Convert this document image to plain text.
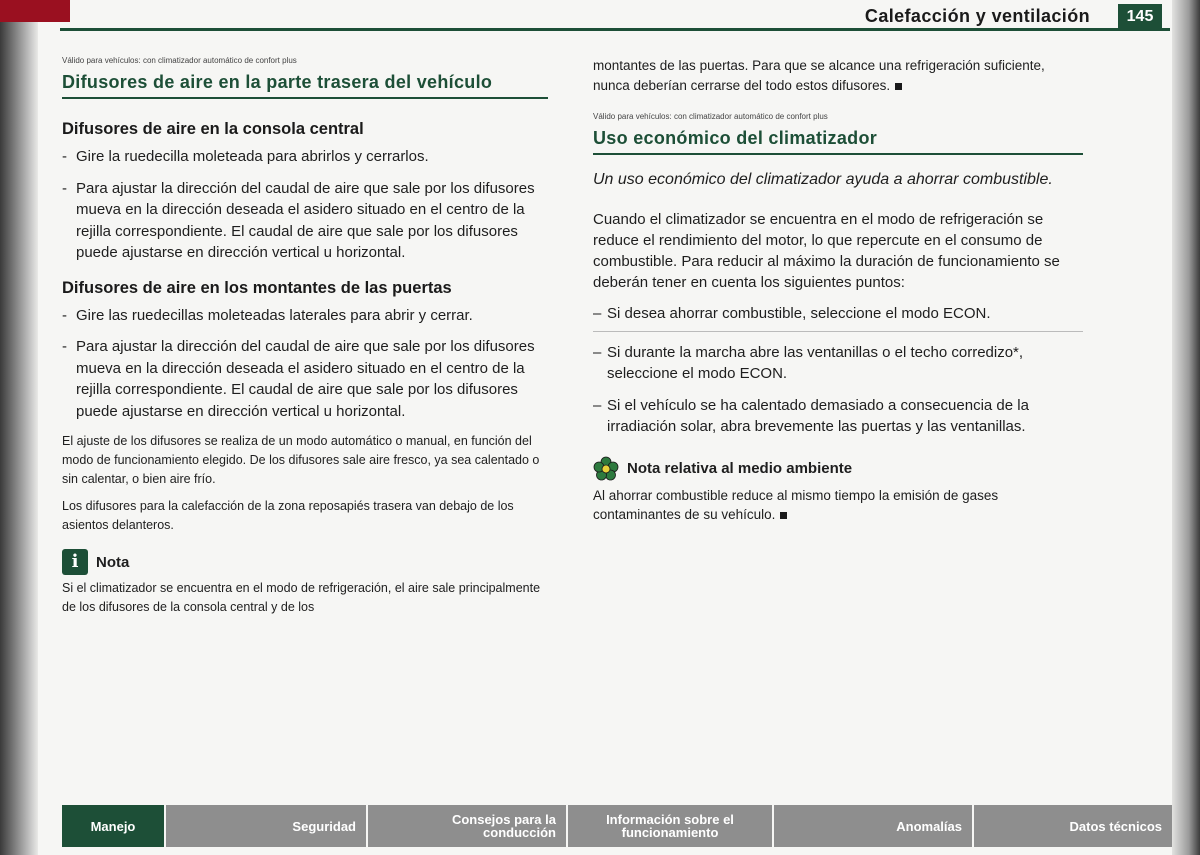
Calefacción y ventilación	145

Válido para vehículos: con climatizador automático de confort plus

Difusores de aire en la parte trasera del vehículo
Difusores de aire en la consola central
- Gire la ruedecilla moleteada para abrirlos y cerrarlos.
- Para ajustar la dirección del caudal de aire que sale por los difusores mueva en la dirección deseada el asidero situado en el centro de la rejilla correspondiente. El caudal de aire que sale por los difusores puede ajustarse en dirección vertical u horizontal.
Difusores de aire en los montantes de las puertas
- Gire las ruedecillas moleteadas laterales para abrir y cerrar.
- Para ajustar la dirección del caudal de aire que sale por los difusores mueva en la dirección deseada el asidero situado en el centro de la rejilla correspondiente. El caudal de aire que sale por los difusores puede ajustarse en dirección vertical u horizontal.

El ajuste de los difusores se realiza de un modo automático o manual, en función del modo de funcionamiento elegido. De los difusores sale aire fresco, ya sea calentado o sin calentar, o bien aire frío.

Los difusores para la calefacción de la zona reposapiés trasera van debajo de los asientos delanteros.

i	Nota

Si el climatizador se encuentra en el modo de refrigeración, el aire sale principalmente de los difusores de la consola central y de los

montantes de las puertas. Para que se alcance una refrigeración suficiente, nunca deberían cerrarse del todo estos difusores.

Válido para vehículos: con climatizador automático de confort plus

Uso económico del climatizador

Un uso económico del climatizador ayuda a ahorrar combustible.

Cuando el climatizador se encuentra en el modo de refrigeración se reduce el rendimiento del motor, lo que repercute en el consumo de combustible. Para reducir al máximo la duración de funcionamiento se deberán tener en cuenta los siguientes puntos:

– Si desea ahorrar combustible, seleccione el modo ECON.
– Si durante la marcha abre las ventanillas o el techo corredizo*, seleccione el modo ECON.
– Si el vehículo se ha calentado demasiado a consecuencia de la irradiación solar, abra brevemente las puertas y las ventanillas.
Nota relativa al medio ambiente

Al ahorrar combustible reduce al mismo tiempo la emisión de gases contaminantes de su vehículo.

Manejo	Seguridad	Consejos para la conducción
Información sobre el funcionamiento	Anomalías	Datos técnicos
